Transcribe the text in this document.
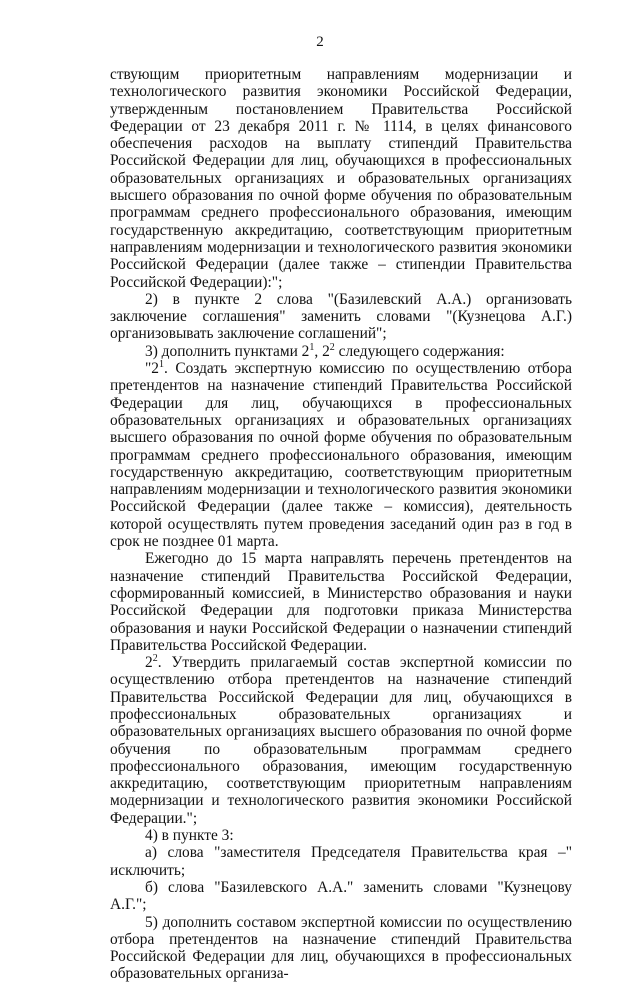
2

ствующим приоритетным направлениям модернизации и технологического развития экономики Российской Федерации, утвержденным постановлением Правительства Российской Федерации от 23 декабря 2011 г. № 1114, в целях финансового обеспечения расходов на выплату стипендий Правительства Российской Федерации для лиц, обучающихся в профессиональных образовательных организациях и образовательных организациях высшего образования по очной форме обучения по образовательным программам среднего профессионального образования, имеющим государственную аккредитацию, соответствующим приоритетным направлениям модернизации и технологического развития экономики Российской Федерации (далее также – стипендии Правительства Российской Федерации):";

2) в пункте 2 слова "(Базилевский А.А.) организовать заключение соглашения" заменить словами "(Кузнецова А.Г.) организовывать заключение соглашений";

3) дополнить пунктами $2^1$, $2^2$ следующего содержания:

"$2^1$. Создать экспертную комиссию по осуществлению отбора претендентов на назначение стипендий Правительства Российской Федерации для лиц, обучающихся в профессиональных образовательных организациях и образовательных организациях высшего образования по очной форме обучения по образовательным программам среднего профессионального образования, имеющим государственную аккредитацию, соответствующим приоритетным направлениям модернизации и технологического развития экономики Российской Федерации (далее также – комиссия), деятельность которой осуществлять путем проведения заседаний один раз в год в срок не позднее 01 марта.

Ежегодно до 15 марта направлять перечень претендентов на назначение стипендий Правительства Российской Федерации, сформированный комиссией, в Министерство образования и науки Российской Федерации для подготовки приказа Министерства образования и науки Российской Федерации о назначении стипендий Правительства Российской Федерации.

$2^2$. Утвердить прилагаемый состав экспертной комиссии по осуществлению отбора претендентов на назначение стипендий Правительства Российской Федерации для лиц, обучающихся в профессиональных образовательных организациях и образовательных организациях высшего образования по очной форме обучения по образовательным программам среднего профессионального образования, имеющим государственную аккредитацию, соответствующим приоритетным направлениям модернизации и технологического развития экономики Российской Федерации.";

4) в пункте 3:

а) слова "заместителя Председателя Правительства края –" исключить;

б) слова "Базилевского А.А." заменить словами "Кузнецову А.Г.";

5) дополнить составом экспертной комиссии по осуществлению отбора претендентов на назначение стипендий Правительства Российской Федерации для лиц, обучающихся в профессиональных образовательных организа-
